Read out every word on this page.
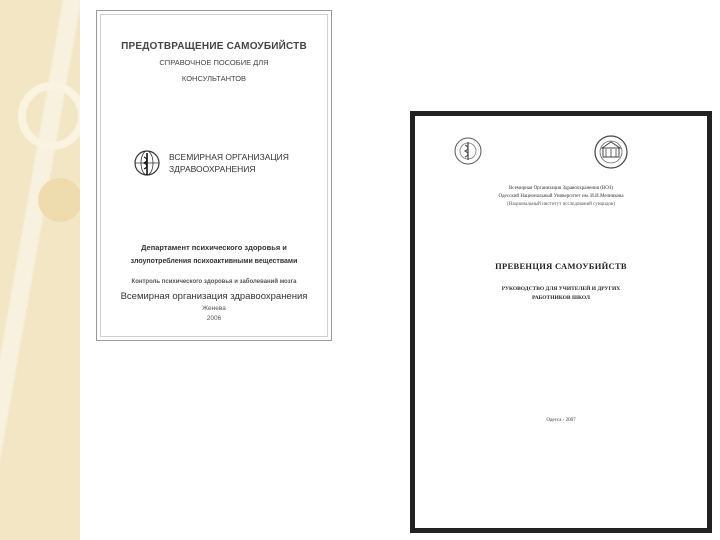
ПРЕДОТВРАЩЕНИЕ САМОУБИЙСТВ
СПРАВОЧНОЕ ПОСОБИЕ ДЛЯ
КОНСУЛЬТАНТОВ
ВСЕМИРНАЯ ОРГАНИЗАЦИЯ
ЗДРАВООХРАНЕНИЯ
Департамент психического здоровья и
злоупотребления психоактивными веществами
Контроль психического здоровья и заболеваний мозга
Всемирная организация здравоохранения
Женева
2006
Всемирная Организация Здравоохранения (ВОЗ)
Одесский Национальный Университет им. И.И.Мечникова
(Национальный институт исследований суицидов)
ПРЕВЕНЦИЯ САМОУБИЙСТВ
РУКОВОДСТВО ДЛЯ УЧИТЕЛЕЙ И ДРУГИХ
РАБОТНИКОВ ШКОЛ
Одесса - 2007
